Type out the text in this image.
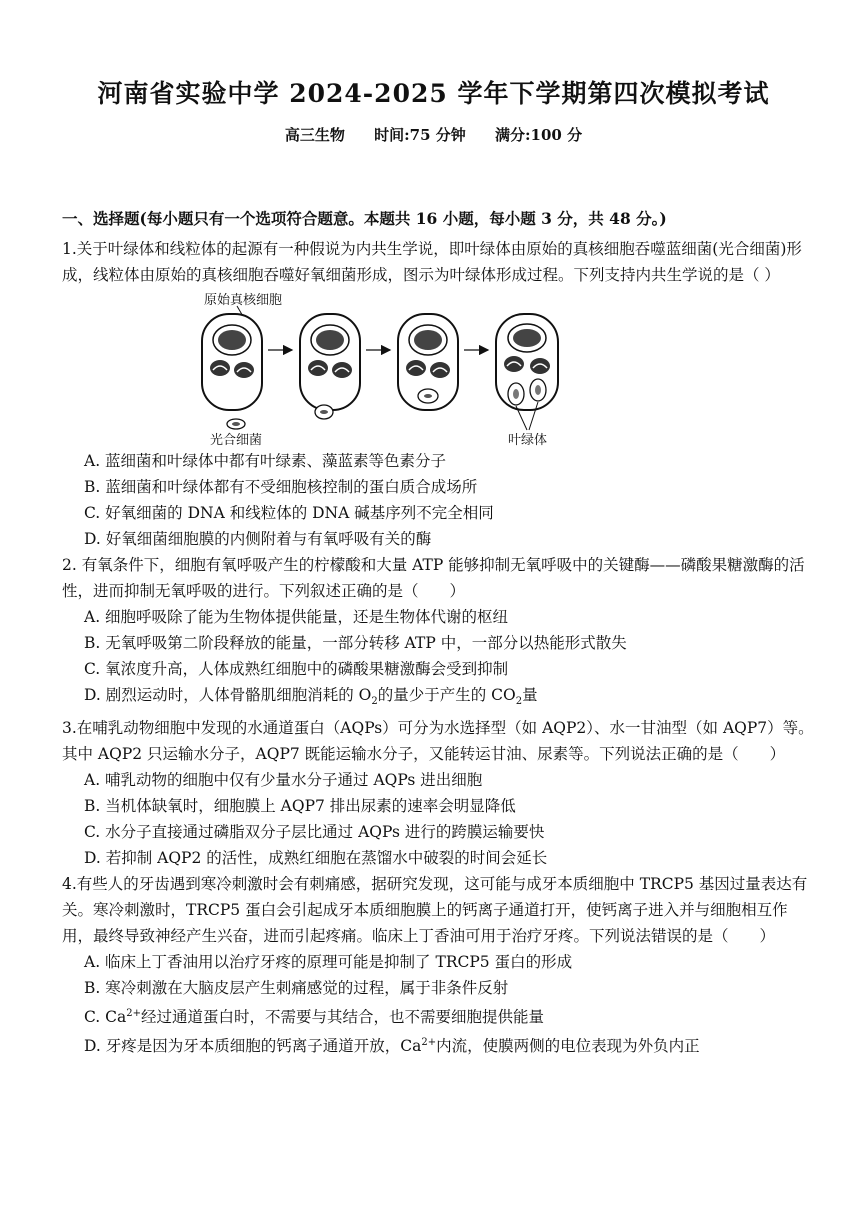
河南省实验中学 2024-2025 学年下学期第四次模拟考试
高三生物 时间:75 分钟 满分:100 分
一、选择题(每小题只有一个选项符合题意。本题共 16 小题，每小题 3 分，共 48 分。)

1.关于叶绿体和线粒体的起源有一种假说为内共生学说，即叶绿体由原始的真核细胞吞噬蓝细菌(光合细菌)形成，线粒体由原始的真核细胞吞噬好氧细菌形成，图示为叶绿体形成过程。下列支持内共生学说的是（ ）

原始真核细胞
光合细菌	叶绿体

A. 蓝细菌和叶绿体中都有叶绿素、藻蓝素等色素分子

B. 蓝细菌和叶绿体都有不受细胞核控制的蛋白质合成场所

C. 好氧细菌的 DNA 和线粒体的 DNA 碱基序列不完全相同

D. 好氧细菌细胞膜的内侧附着与有氧呼吸有关的酶

2. 有氧条件下，细胞有氧呼吸产生的柠檬酸和大量 ATP 能够抑制无氧呼吸中的关键酶——磷酸果糖激酶的活性，进而抑制无氧呼吸的进行。下列叙述正确的是（　　）

A. 细胞呼吸除了能为生物体提供能量，还是生物体代谢的枢纽

B. 无氧呼吸第二阶段释放的能量，一部分转移 ATP 中，一部分以热能形式散失

C. 氧浓度升高，人体成熟红细胞中的磷酸果糖激酶会受到抑制

D. 剧烈运动时，人体骨骼肌细胞消耗的 $O_2$的量少于产生的 $CO_2$量

3.在哺乳动物细胞中发现的水通道蛋白（AQPs）可分为水选择型（如 AQP2）、水一甘油型（如 AQP7）等。其中 AQP2 只运输水分子，AQP7 既能运输水分子，又能转运甘油、尿素等。下列说法正确的是（　　）

A. 哺乳动物的细胞中仅有少量水分子通过 AQPs 进出细胞

B. 当机体缺氧时，细胞膜上 AQP7 排出尿素的速率会明显降低

C. 水分子直接通过磷脂双分子层比通过 AQPs 进行的跨膜运输要快

D. 若抑制 AQP2 的活性，成熟红细胞在蒸馏水中破裂的时间会延长

4.有些人的牙齿遇到寒冷刺激时会有刺痛感，据研究发现，这可能与成牙本质细胞中 TRCP5 基因过量表达有关。寒冷刺激时，TRCP5 蛋白会引起成牙本质细胞膜上的钙离子通道打开，使钙离子进入并与细胞相互作用，最终导致神经产生兴奋，进而引起疼痛。临床上丁香油可用于治疗牙疼。下列说法错误的是（　　）

A. 临床上丁香油用以治疗牙疼的原理可能是抑制了 TRCP5 蛋白的形成

B. 寒冷刺激在大脑皮层产生刺痛感觉的过程，属于非条件反射

C. $Ca^{2+}$经过通道蛋白时，不需要与其结合，也不需要细胞提供能量

D. 牙疼是因为牙本质细胞的钙离子通道开放，$Ca^{2+}$内流，使膜两侧的电位表现为外负内正
